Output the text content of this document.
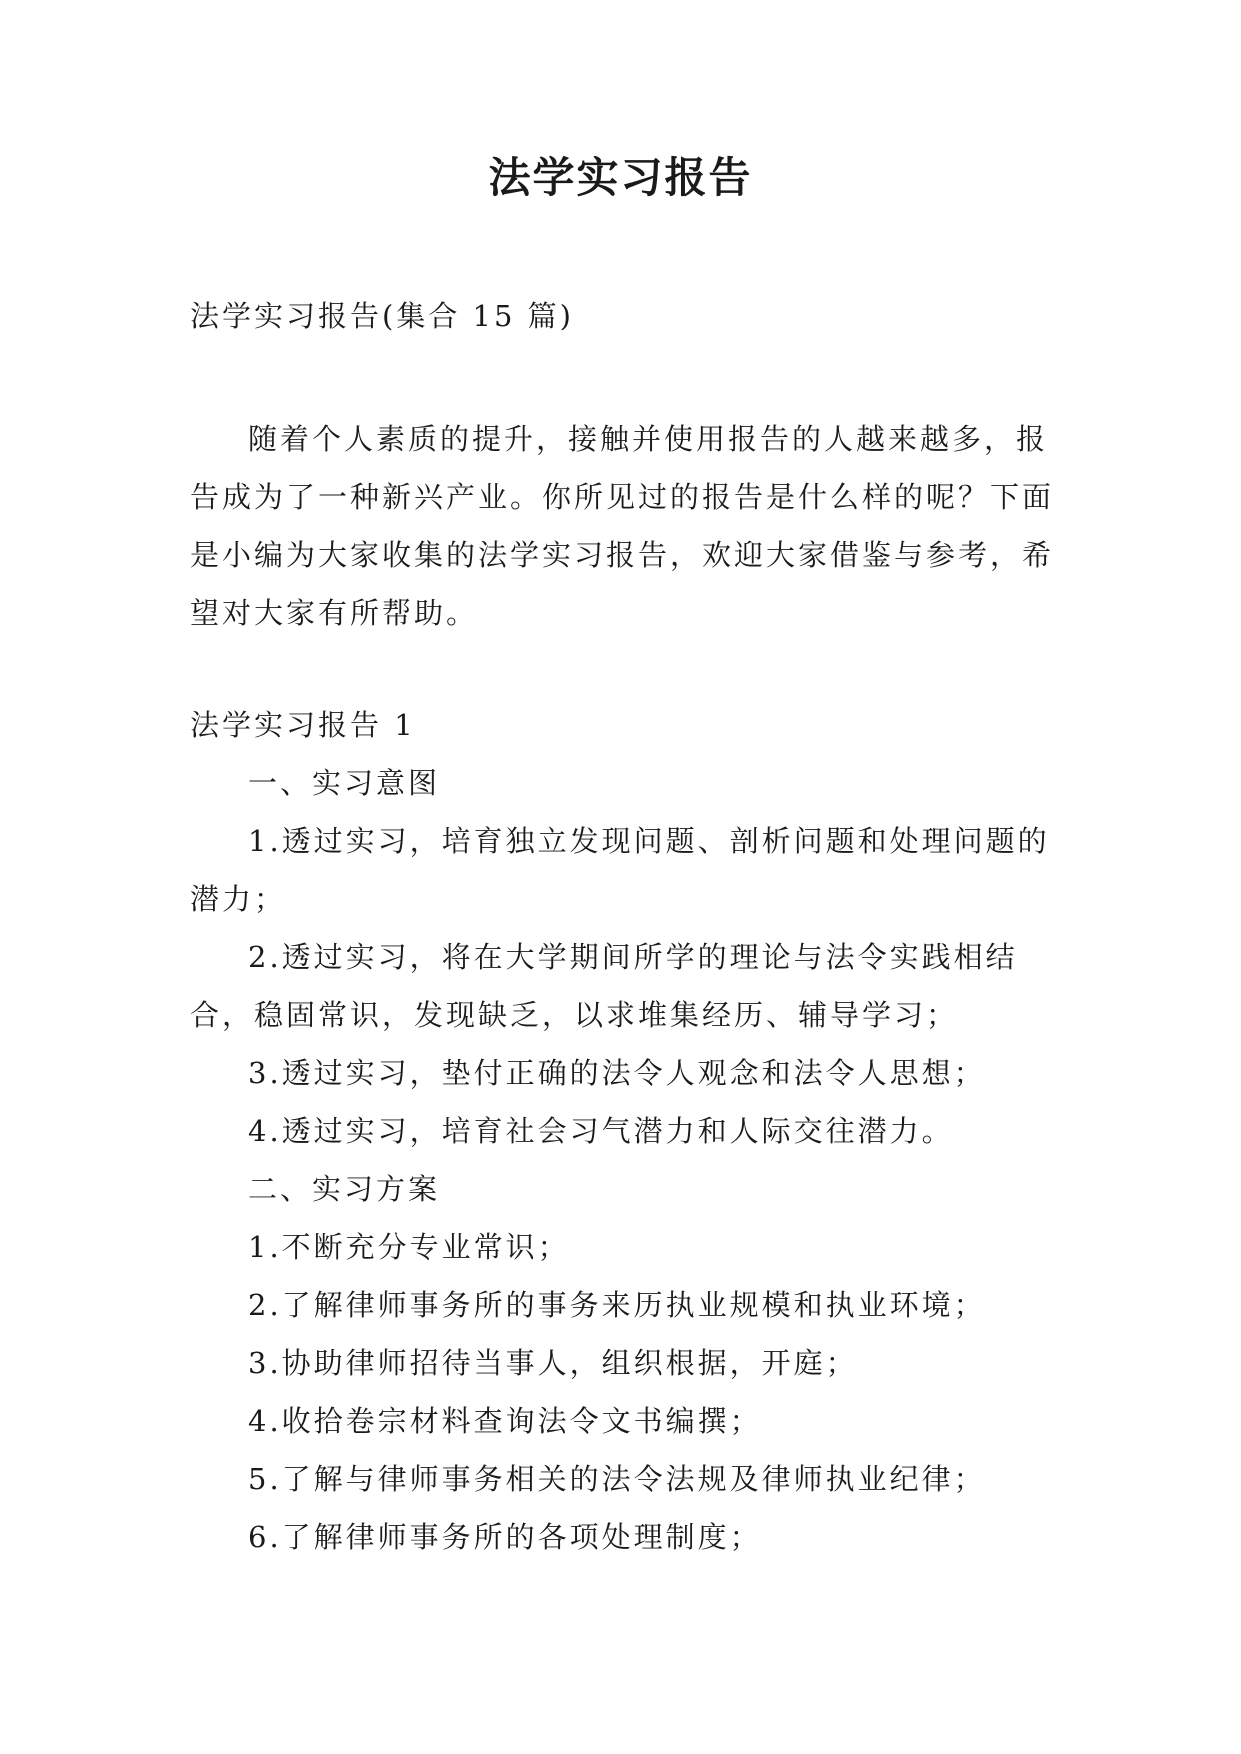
法学实习报告
法学实习报告(集合 15 篇)

随着个人素质的提升，接触并使用报告的人越来越多，报告成为了一种新兴产业。你所见过的报告是什么样的呢？下面是小编为大家收集的法学实习报告，欢迎大家借鉴与参考，希望对大家有所帮助。

法学实习报告 1

一、实习意图

1.透过实习，培育独立发现问题、剖析问题和处理问题的潜力；

2.透过实习，将在大学期间所学的理论与法令实践相结合，稳固常识，发现缺乏，以求堆集经历、辅导学习；

3.透过实习，垫付正确的法令人观念和法令人思想；

4.透过实习，培育社会习气潜力和人际交往潜力。

二、实习方案

1.不断充分专业常识；

2.了解律师事务所的事务来历执业规模和执业环境；

3.协助律师招待当事人，组织根据，开庭；

4.收拾卷宗材料查询法令文书编撰；

5.了解与律师事务相关的法令法规及律师执业纪律；

6.了解律师事务所的各项处理制度；
